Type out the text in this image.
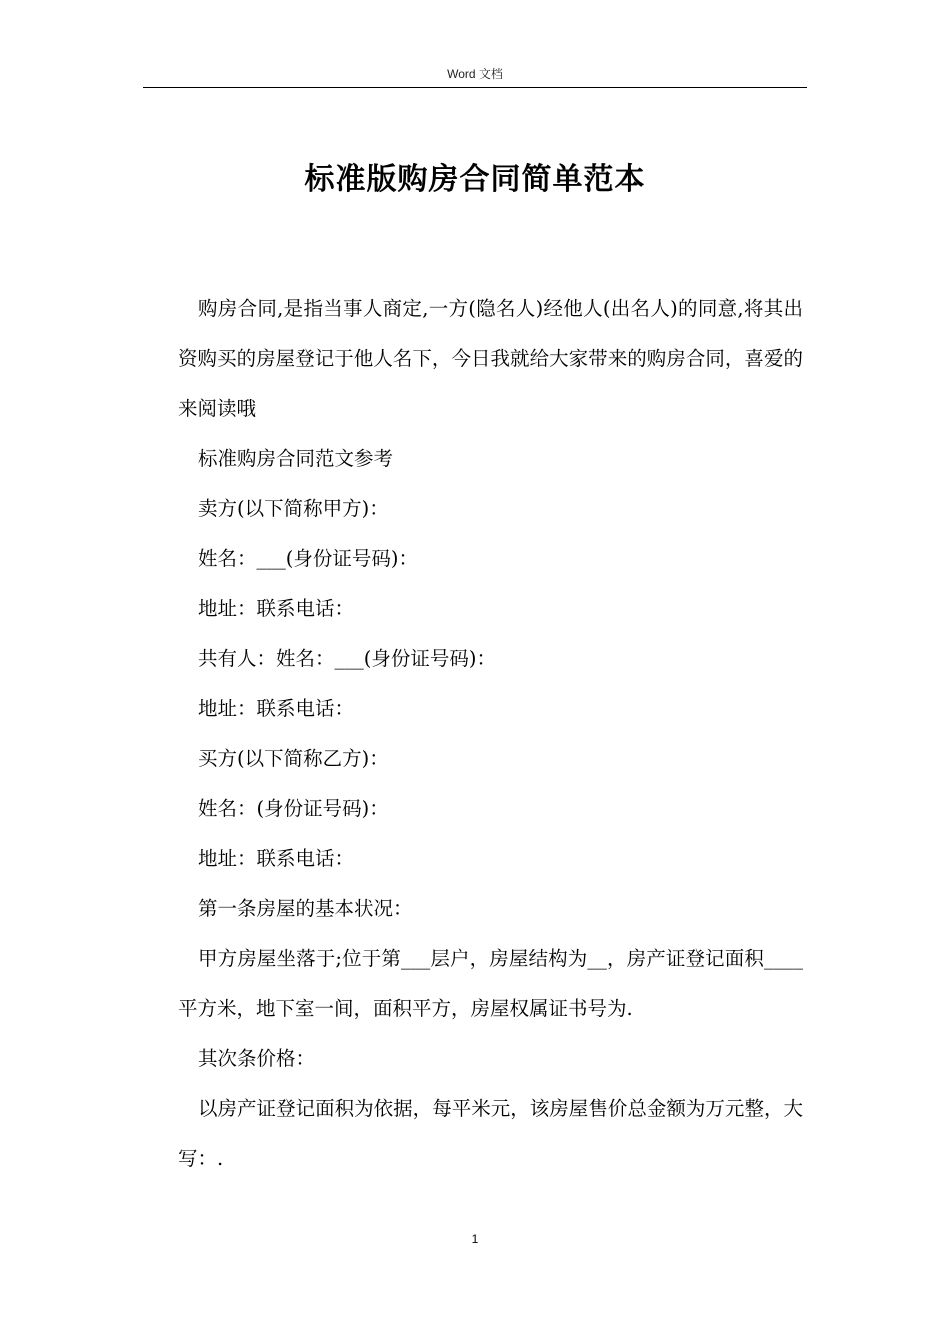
Word 文档
标准版购房合同简单范本

购房合同,是指当事人商定,一方(隐名人)经他人(出名人)的同意,将其出资购买的房屋登记于他人名下，今日我就给大家带来的购房合同，喜爱的来阅读哦

标准购房合同范文参考

卖方(以下简称甲方)：

姓名：___(身份证号码)：

地址：联系电话：

共有人：姓名：___(身份证号码)：

地址：联系电话：

买方(以下简称乙方)：

姓名：(身份证号码)：

地址：联系电话：

第一条房屋的基本状况：

甲方房屋坐落于;位于第___层户，房屋结构为__，房产证登记面积____平方米，地下室一间，面积平方，房屋权属证书号为.

其次条价格：

以房产证登记面积为依据，每平米元，该房屋售价总金额为万元整，大写：.

1
